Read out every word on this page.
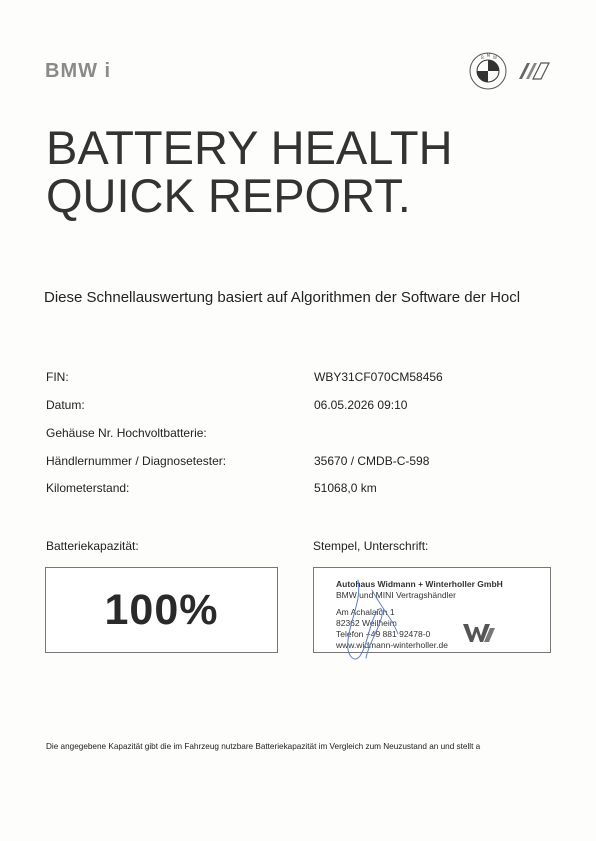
BMW i
B M W
BATTERY HEALTH
QUICK REPORT.
Diese Schnellauswertung basiert auf Algorithmen der Software der Hocl
FIN:	WBY31CF070CM58456
Datum:	06.05.2026 09:10
Gehäuse Nr. Hochvoltbatterie:
Händlernummer / Diagnosetester:	35670 / CMDB-C-598
Kilometerstand:	51068,0 km
Batteriekapazität:	Stempel, Unterschrift:
100%
Autohaus Widmann + Winterholler GmbH
BMW und MINI Vertragshändler
Am Achalaich 1
82362 Weilheim
Telefon +49 881 92478-0
www.widmann-winterholler.de
Die angegebene Kapazität gibt die im Fahrzeug nutzbare Batteriekapazität im Vergleich zum Neuzustand an und stellt a
